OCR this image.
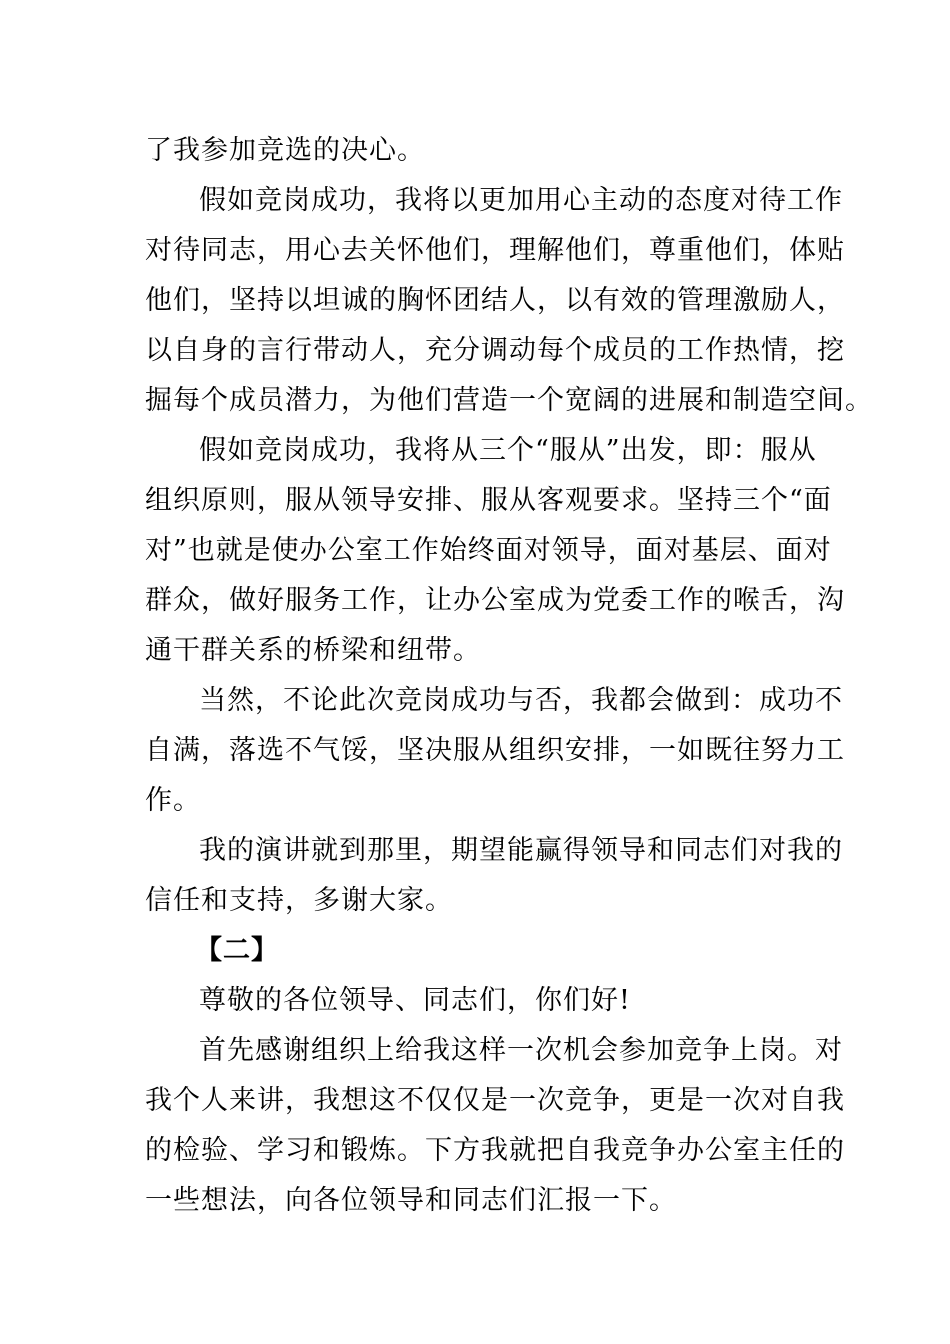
了我参加竞选的决心。
假如竞岗成功，我将以更加用心主动的态度对待工作
对待同志，用心去关怀他们，理解他们，尊重他们，体贴
他们，坚持以坦诚的胸怀团结人，以有效的管理激励人，
以自身的言行带动人，充分调动每个成员的工作热情，挖
掘每个成员潜力，为他们营造一个宽阔的进展和制造空间。
假如竞岗成功，我将从三个“服从”出发，即：服从
组织原则，服从领导安排、服从客观要求。坚持三个“面
对”也就是使办公室工作始终面对领导，面对基层、面对
群众，做好服务工作，让办公室成为党委工作的喉舌，沟
通干群关系的桥梁和纽带。
当然，不论此次竞岗成功与否，我都会做到：成功不
自满，落选不气馁，坚决服从组织安排，一如既往努力工
作。
我的演讲就到那里，期望能赢得领导和同志们对我的
信任和支持，多谢大家。
【二】
尊敬的各位领导、同志们，你们好!
首先感谢组织上给我这样一次机会参加竞争上岗。对
我个人来讲，我想这不仅仅是一次竞争，更是一次对自我
的检验、学习和锻炼。下方我就把自我竞争办公室主任的
一些想法，向各位领导和同志们汇报一下。
